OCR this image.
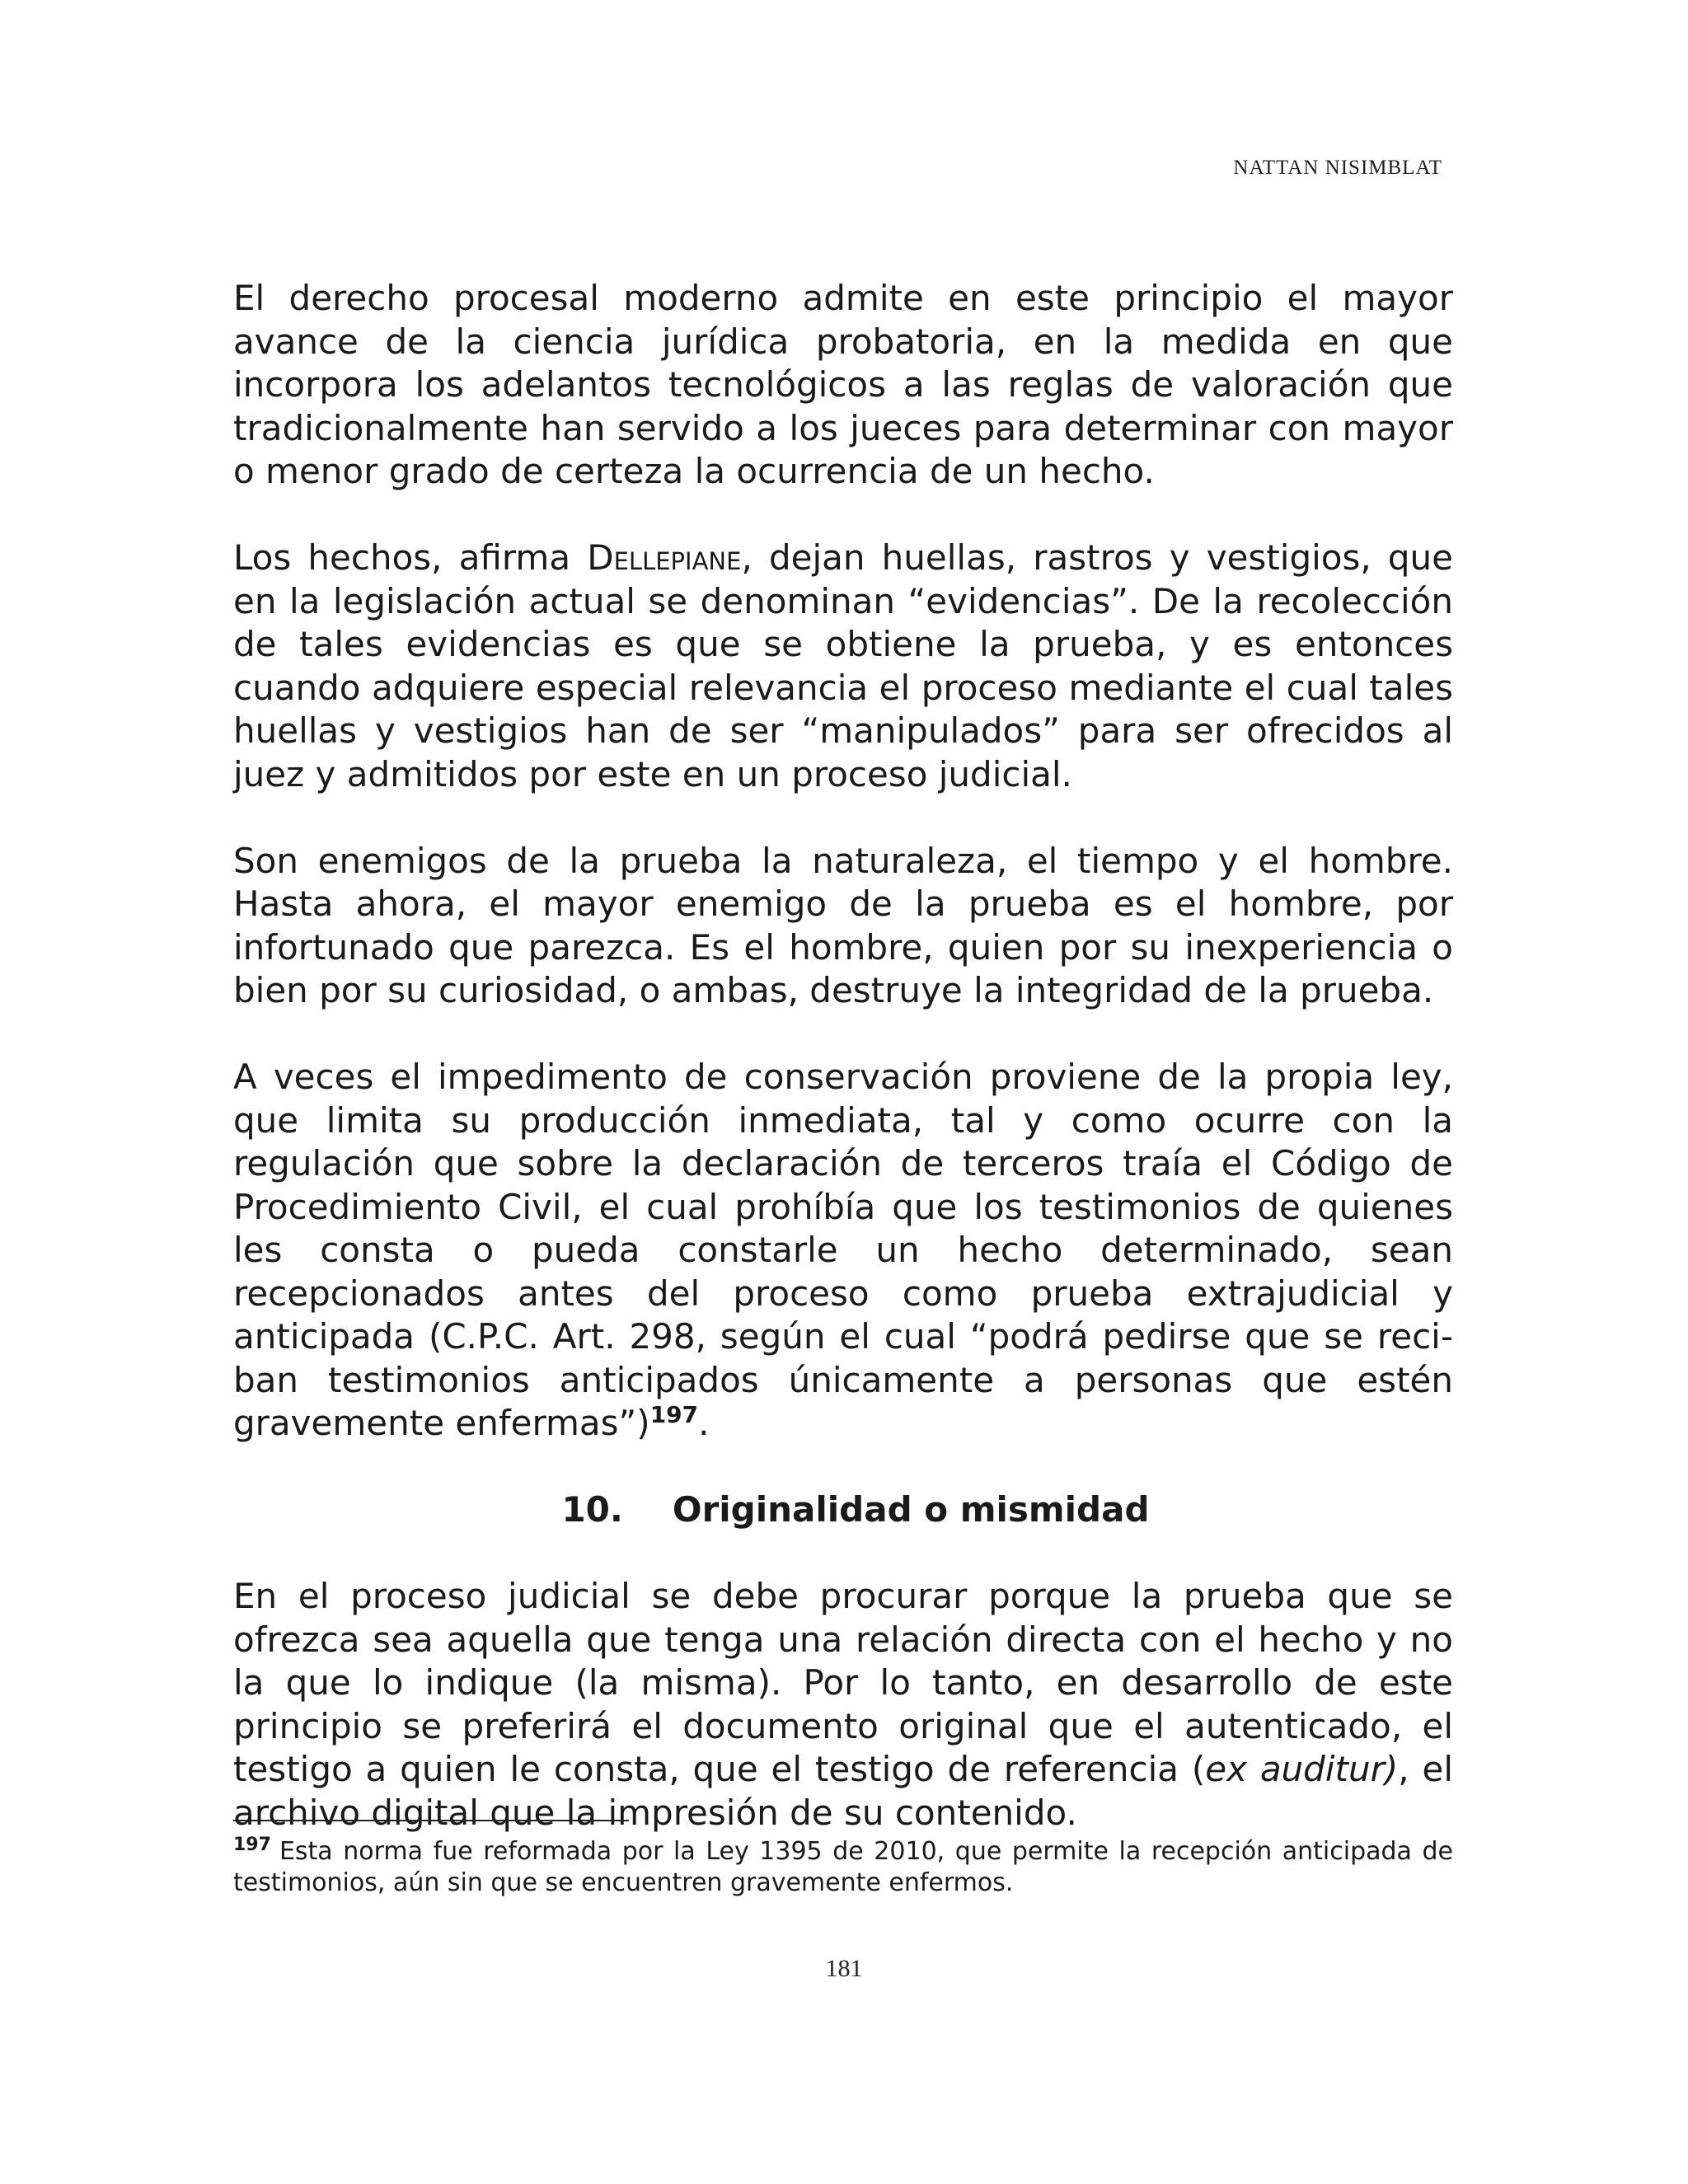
NATTAN NISIMBLAT

El derecho procesal moderno admite en este principio el mayor avance de la ciencia jurídica probatoria, en la medida en que incorpora los adelantos tecnológicos a las reglas de valoración que tradicionalmente han servido a los jueces para determinar con mayor o menor grado de certeza la ocurrencia de un hecho.

Los hechos, afirma Dellepiane, dejan huellas, rastros y vestigios, que en la legislación actual se denominan “evidencias”. De la recolección de tales evidencias es que se obtiene la prueba, y es entonces cuando adquiere especial relevancia el proceso mediante el cual tales huellas y vestigios han de ser “manipulados” para ser ofrecidos al juez y admitidos por este en un proceso judicial.

Son enemigos de la prueba la naturaleza, el tiempo y el hombre. Hasta ahora, el mayor enemigo de la prueba es el hombre, por infortunado que parezca. Es el hombre, quien por su inexperiencia o bien por su curiosidad, o ambas, destruye la integridad de la prueba.

A veces el impedimento de conservación proviene de la propia ley, que limita su producción inmediata, tal y como ocurre con la regulación que sobre la declaración de terceros traía el Código de Procedimiento Civil, el cual prohíbía que los testimonios de quienes les consta o pueda constarle un hecho determinado, sean recepcionados antes del proceso como prueba extrajudicial y anticipada (C.P.C. Art. 298, según el cual “podrá pedirse que se reciban testimonios anticipados únicamente a personas que estén gravemente enfermas”)$^{197}$.

10. Originalidad o mismidad

En el proceso judicial se debe procurar porque la prueba que se ofrezca sea aquella que tenga una relación directa con el hecho y no la que lo indique (la misma). Por lo tanto, en desarrollo de este principio se preferirá el documento original que el autenticado, el testigo a quien le consta, que el testigo de referencia (ex auditur), el archivo digital que la impresión de su contenido.

$^{197}$ Esta norma fue reformada por la Ley 1395 de 2010, que permite la recepción anticipada de testimonios, aún sin que se encuentren gravemente enfermos.
181
